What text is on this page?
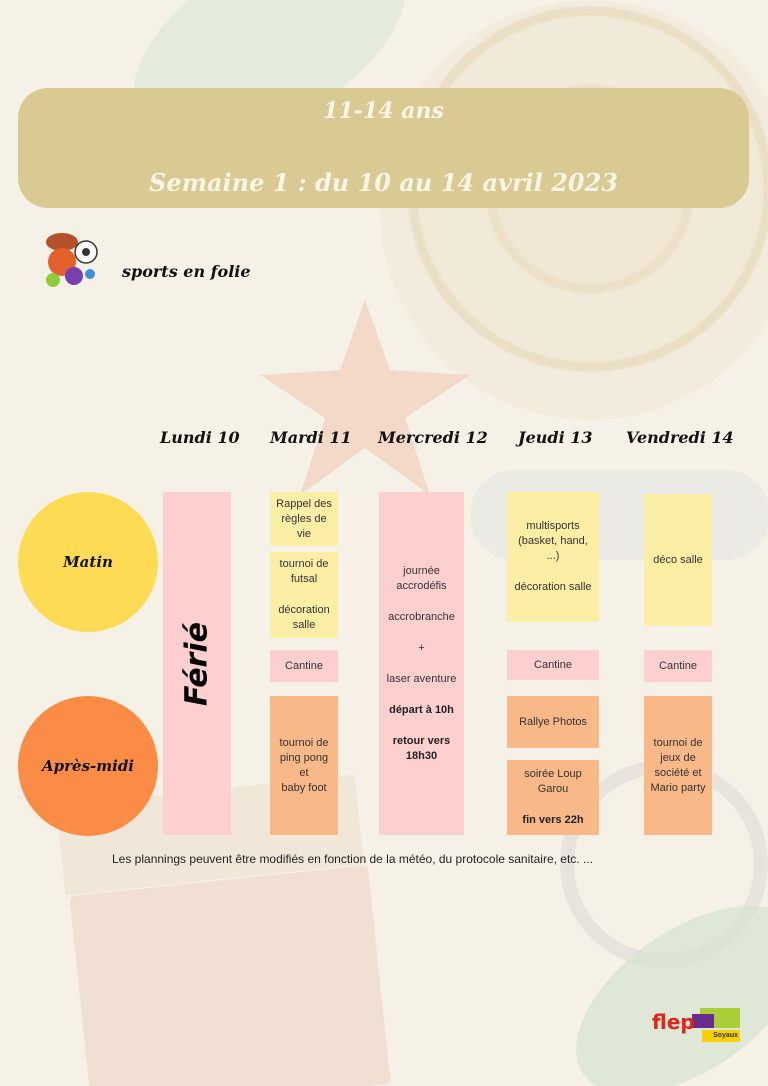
11-14 ans
Semaine 1 : du 10 au 14 avril 2023
sports en folie
Lundi 10 Mardi 11 Mercredi 12 Jeudi 13 Vendredi 14
Matin
Après-midi
Férié
Rappel des
règles de
vie
tournoi de
futsal
décoration
salle
Cantine
tournoi de
ping pong
et
baby foot
journée
accrodéfis
accrobranche
+
laser aventure
départ à 10h
retour vers
18h30
multisports
(basket, hand,
...)
décoration salle
Cantine
Rallye Photos
soirée Loup
Garou
fin vers 22h
déco salle
Cantine
tournoi de
jeux de
société et
Mario party
Les plannings peuvent être modifiés en fonction de la météo, du protocole sanitaire, etc. ...
flep
Soyaux
